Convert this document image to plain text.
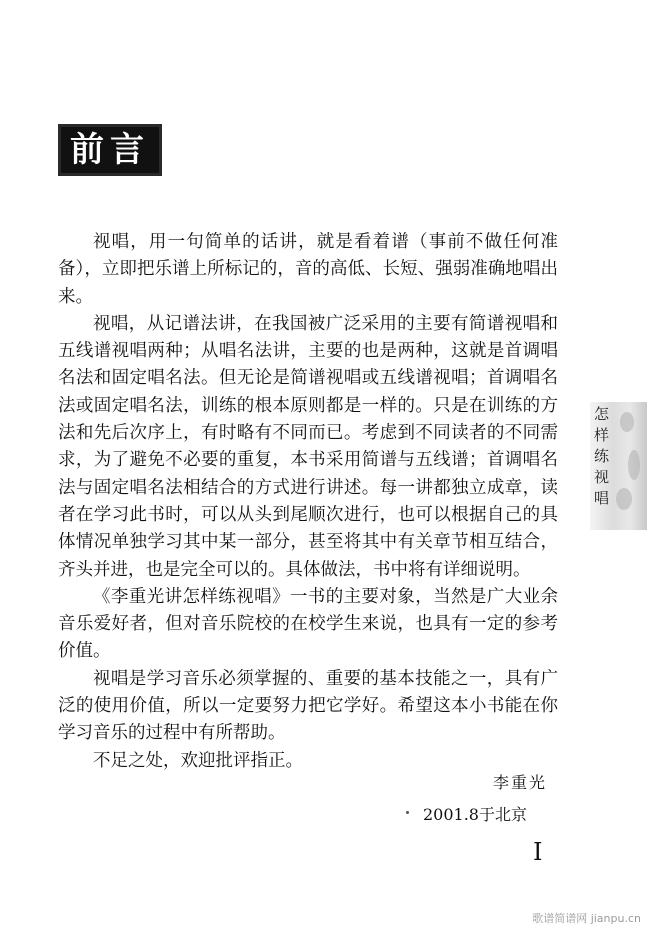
前言

视唱，用一句简单的话讲，就是看着谱（事前不做任何准备），立即把乐谱上所标记的，音的高低、长短、强弱准确地唱出来。

视唱，从记谱法讲，在我国被广泛采用的主要有简谱视唱和五线谱视唱两种；从唱名法讲，主要的也是两种，这就是首调唱名法和固定唱名法。但无论是简谱视唱或五线谱视唱；首调唱名法或固定唱名法，训练的根本原则都是一样的。只是在训练的方法和先后次序上，有时略有不同而已。考虑到不同读者的不同需求，为了避免不必要的重复，本书采用简谱与五线谱；首调唱名法与固定唱名法相结合的方式进行讲述。每一讲都独立成章，读者在学习此书时，可以从头到尾顺次进行，也可以根据自己的具体情况单独学习其中某一部分，甚至将其中有关章节相互结合，齐头并进，也是完全可以的。具体做法，书中将有详细说明。

《李重光讲怎样练视唱》一书的主要对象，当然是广大业余音乐爱好者，但对音乐院校的在校学生来说，也具有一定的参考价值。

视唱是学习音乐必须掌握的、重要的基本技能之一，具有广泛的使用价值，所以一定要努力把它学好。希望这本小书能在你学习音乐的过程中有所帮助。

不足之处，欢迎批评指正。

李重光
2001.8于北京
I
怎样练视唱
歌谱简谱网 jianpu.cn
